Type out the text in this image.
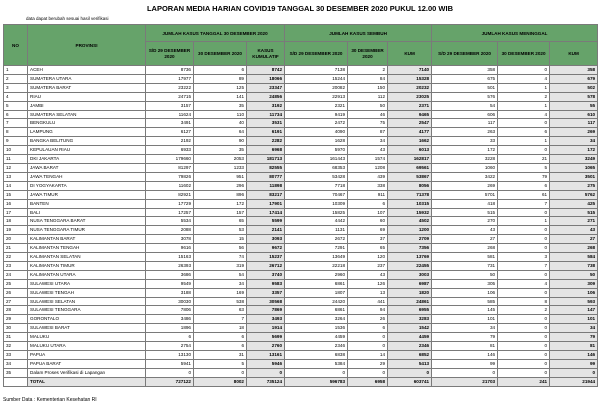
LAPORAN MEDIA HARIAN COVID19 TANGGAL 30 DESEMBER 2020 PUKUL 12.00 WIB
data dapat berubah sesuai hasil verifikasi
NO	PROVINSI	JUMLAH KASUS TANGGAL 30 DESEMBER 2020			JUMLAH KASUS SEMBUH			JUMLAH KASUS MENINGGAL		
		S/D 29 DESEMBER 2020	30 DESEMBER 2020	KASUS KUMULATIF	S/D 29 DESEMBER 2020	30 DESEMBER 2020	KUM	S/D 29 DESEMBER 2020	30 DESEMBER 2020	KUM
1	ACEH	8736	6	8742	7138	2	7140	358	0	358
2	SUMATERA UTARA	17977	89	18066	15244	84	15328	675	4	679
3	SUMATERA BARAT	23222	125	23347	20082	150	20232	501	1	502
4	RIAU	24715	141	24856	22913	112	23025	576	2	578
5	JAMBI	3157	35	3192	2321	50	2371	54	1	55
6	SUMATERA SELATAN	11624	110	11734	9419	46	9465	606	4	610
7	BENGKULU	3491	40	3531	2472	75	2547	117	0	117
8	LAMPUNG	6127	64	6191	4090	87	4177	263	6	269
9	BANGKA BELITUNG	2192	90	2282	1628	34	1662	33	1	34
10	KEPULAUAN RIAU	6933	35	6968	5970	43	6013	172	0	172
11	DKI JAKARTA	179660	2053	181713	161443	1574	162817	3228	21	3249
12	JAWA BARAT	81297	1233	82555	68353	1208	69561	1060	5	1065
13	JAWA TENGAH	79826	951	80777	53428	439	53867	3422	79	3501
14	DI YOGYAKARTA	11602	296	11898	7718	338	8056	269	6	275
15	JAWA TIMUR	82921	896	83217	70467	911	71378	5701	61	5762
16	BANTEN	17729	172	17901	10309	6	10315	418	7	425
17	BALI	17257	157	17414	15825	107	15932	515	0	515
18	NUSA TENGGARA BARAT	5534	65	5599	4442	60	4502	270	1	271
19	NUSA TENGGARA TIMUR	2088	53	2141	1131	69	1200	43	0	43
20	KALIMANTAN BARAT	3078	15	3093	2672	37	2709	27	0	27
21	KALIMANTAN TENGAH	9616	56	9672	7291	65	7356	268	0	268
22	KALIMANTAN SELATAN	15163	74	15237	13649	120	13769	581	3	584
23	KALIMANTAN TIMUR	26393	319	26712	22218	237	22455	731	7	738
24	KALIMANTAN UTARA	3686	54	3740	2960	43	3003	50	0	50
25	SULAWESI UTARA	9549	34	9583	6861	126	6987	305	4	309
26	SULAWESI TENGAH	3188	169	3357	1807	13	1820	106	0	106
27	SULAWESI SELATAN	30030	538	30568	24420	441	24861	585	8	593
28	SULAWESI TENGGARA	7806	63	7869	6861	94	6955	145	2	147
29	GORONTALO	3486	7	3493	3264	26	3283	101	0	101
30	SULAWESI BARAT	1896	18	1914	1536	6	1542	34	0	34
31	MALUKU	6	6	5699	4459	0	4459	79	0	79
32	MALUKU UTARA	2754	6	2760	2346	0	2346	81	0	81
33	PAPUA	13130	31	13161	6838	14	6852	146	0	146
34	PAPUA BARAT	5941	5	5946	5384	29	5413	99	0	99
35	Dalam Proses Verifikasi di Lapangan	0	0	0	0	0	0	0	0	0
	TOTAL	727122	8002	735124	596783	6958	603741	21703	241	21944
Sumber Data : Kementerian Kesehatan RI
